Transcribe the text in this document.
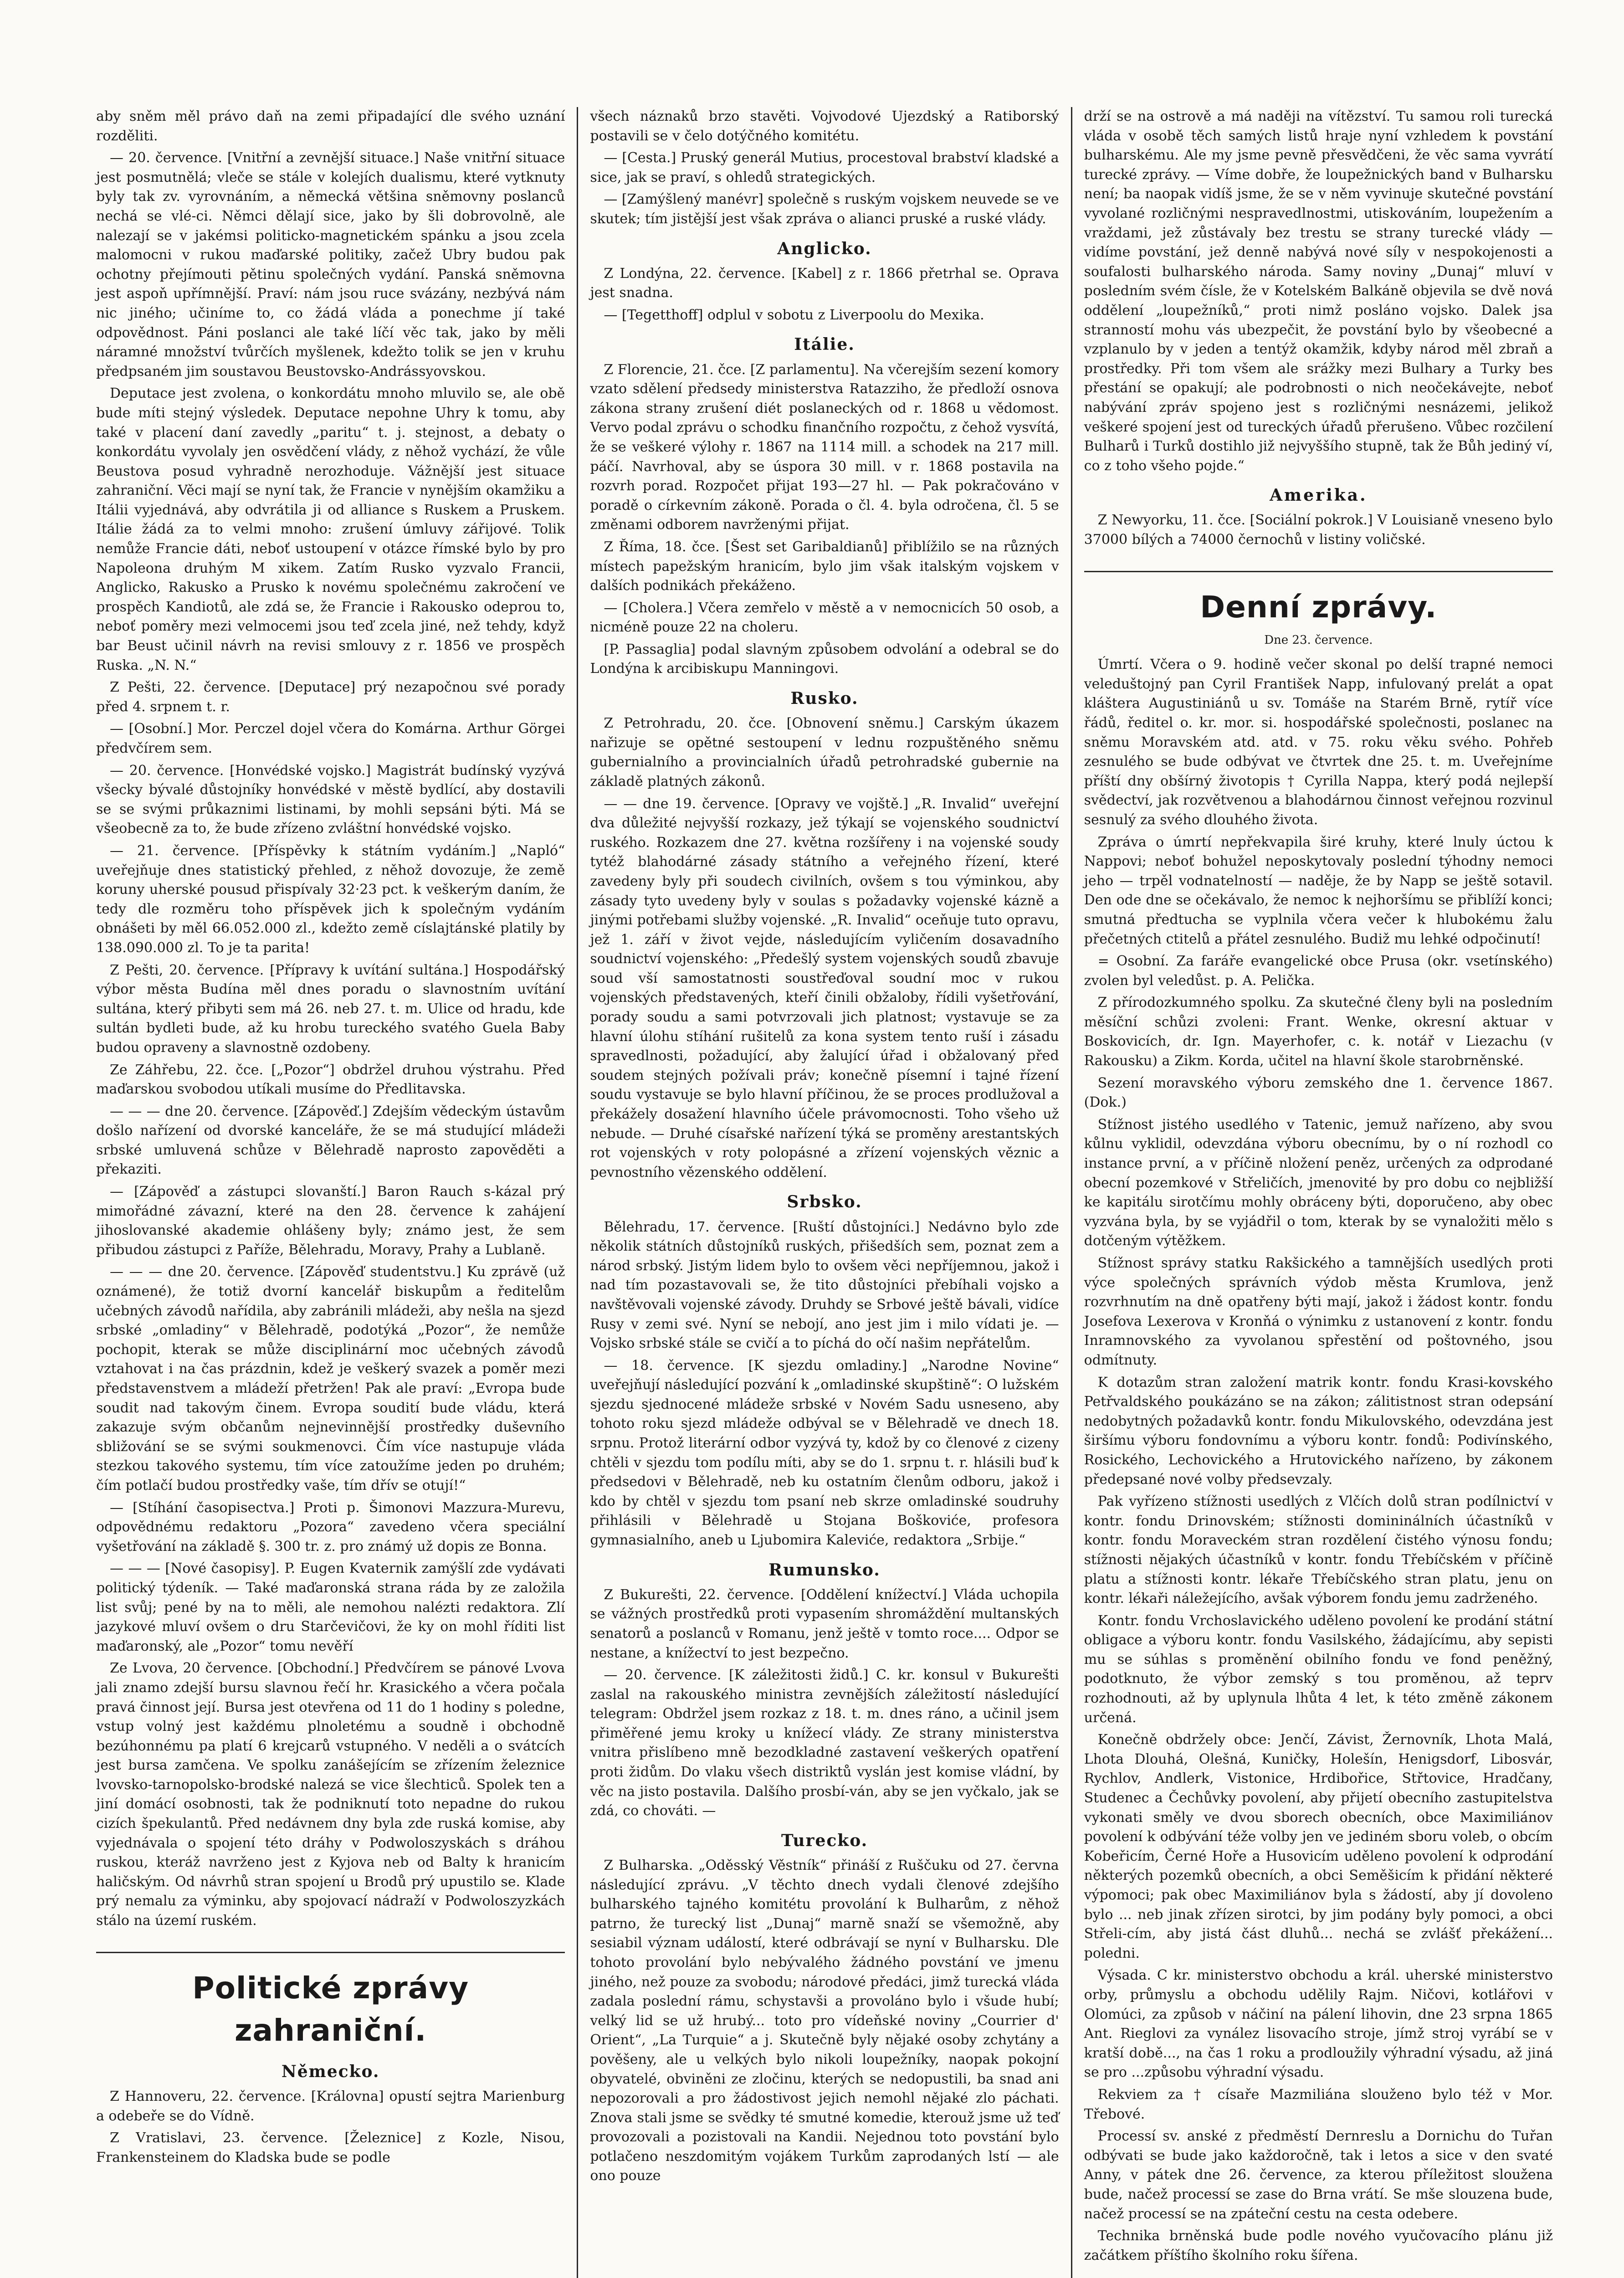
aby sněm měl právo daň na zemi připadající dle svého uznání rozděliti.

— 20. července. [Vnitřní a zevnější situace.] Naše vnitřní situace jest posmutnělá; vleče se stále v kolejích dualismu, které vytknuty byly tak zv. vyrovnáním, a německá většina sněmovny poslanců nechá se vlé‑ci. Němci dělají sice, jako by šli dobrovolně, ale nalezají se v jakémsi politicko-magnetickém spánku a jsou zcela malomocni v rukou maďarské politiky, začež Ubry budou pak ochotny přejímouti pětinu společných vydání. Panská sněmovna jest aspoň upřímnější. Praví: nám jsou ruce svázány, nezbývá nám nic jiného; učiníme to, co žádá vláda a ponechme jí také odpovědnost. Páni poslanci ale také líčí věc tak, jako by měli náramné množství tvůrčích myšlenek, kdežto tolik se jen v kruhu předpsaném jim soustavou Beustovsko-Andrássyovskou.

Deputace jest zvolena, o konkordátu mnoho mluvilo se, ale obě bude míti stejný výsledek. Deputace nepohne Uhry k tomu, aby také v placení daní zavedly „paritu“ t. j. stejnost, a debaty o konkordátu vyvolaly jen osvědčení vlády, z něhož vychází, že vůle Beustova posud vyhradně nerozhoduje. Vážnější jest situace zahraniční. Věci mají se nyní tak, že Francie v nynějším okamžiku a Itálii vyjednává, aby odvrátila ji od alliance s Ruskem a Pruskem. Itálie žádá za to velmi mnoho: zrušení úmluvy zářijové. Tolik nemůže Francie dáti, neboť ustoupení v otázce římské bylo by pro Napoleona druhým M xikem. Zatím Rusko vyzvalo Francii, Anglicko, Rakusko a Prusko k novému společnému zakročení ve prospěch Kandiotů, ale zdá se, že Francie i Rakousko odeprou to, neboť poměry mezi velmocemi jsou teď zcela jiné, než tehdy, když bar Beust učinil návrh na revisi smlouvy z r. 1856 ve prospěch Ruska. „N. N.“

Z Pešti, 22. července. [Deputace] prý nezapočnou své porady před 4. srpnem t. r.

— [Osobní.] Mor. Perczel dojel včera do Komárna. Arthur Görgei předvčírem sem.

— 20. července. [Honvédské vojsko.] Magistrát budínský vyzývá všecky bývalé důstojníky honvédské v městě bydlící, aby dostavili se se svými průkaznimi listinami, by mohli sepsáni býti. Má se všeobecně za to, že bude zřízeno zvláštní honvédské vojsko.

— 21. července. [Příspěvky k státním vydáním.] „Napló“ uveřejňuje dnes statistický přehled, z něhož dovozuje, že země koruny uherské pousud přispívaly 32·23 pct. k veškerým daním, že tedy dle rozměru toho příspěvek jich k společným vydáním obnášeti by měl 66.052.000 zl., kdežto země císlajtánské platily by 138.090.000 zl. To je ta parita!

Z Pešti, 20. července. [Přípravy k uvítání sultána.] Hospodářský výbor města Budína měl dnes poradu o slavnostním uvítání sultána, který přibyti sem má 26. neb 27. t. m. Ulice od hradu, kde sultán bydleti bude, až ku hrobu tureckého svatého Guela Baby budou opraveny a slavnostně ozdobeny.

Ze Záhřebu, 22. čce. [„Pozor“] obdržel druhou výstrahu. Před maďarskou svobodou utíkali musíme do Předlitavska.

— — — dne 20. července. [Zápověď.] Zdejším vědeckým ústavům došlo nařízení od dvorské kanceláře, že se má studující mládeži srbské umluvená schůze v Bělehradě naprosto zapověděti a překaziti.

— [Zápověď a zástupci slovanští.] Baron Rauch s‑kázal prý mimořádné závazní, které na den 28. července k zahájení jihoslovanské akademie ohlášeny byly; známo jest, že sem přibudou zástupci z Paříže, Bělehradu, Moravy, Prahy a Lublaně.

— — — dne 20. července. [Zápověď studentstvu.] Ku zprávě (už oznámené), že totiž dvorní kancelář biskupům a ředitelům učebných závodů nařídila, aby zabránili mládeži, aby nešla na sjezd srbské „omladiny“ v Bělehradě, podotýká „Pozor“, že nemůže pochopit, kterak se může disciplinární moc učebných závodů vztahovat i na čas prázdnin, kdež je veškerý svazek a poměr mezi představenstvem a mládeží přetržen! Pak ale praví: „Evropa bude soudit nad takovým činem. Evropa soudití bude vládu, která zakazuje svým občanům nejnevinnější prostředky duševního sbližování se se svými soukmenovci. Čím více nastupuje vláda stezkou takového systemu, tím více zatoužíme jeden po druhém; čím potlačí budou prostředky vaše, tím dřív se otují!“

— [Stíhání časopisectva.] Proti p. Šimonovi Mazzura-Murevu, odpovědnému redaktoru „Pozora“ zavedeno včera speciální vyšetřování na základě §. 300 tr. z. pro známý už dopis ze Bonna.

— — — [Nové časopisy]. P. Eugen Kvaternik zamýšlí zde vydávati politický týdeník. — Také maďaronská strana ráda by ze založila list svůj; pené by na to měli, ale nemohou nalézti redaktora. Zlí jazykové mluví ovšem o dru Starčevičovi, že ky on mohl říditi list maďaronský, ale „Pozor“ tomu nevěří

Ze Lvova, 20 července. [Obchodní.] Předvčírem se pánové Lvova jali znamo zdejší bursu slavnou řečí hr. Krasického a včera počala pravá činnost její. Bursa jest otevřena od 11 do 1 hodiny s poledne, vstup volný jest každému plnoletému a soudně i obchodně bezúhonnému pa platí 6 krejcarů vstupného. V neděli a o svátcích jest bursa zamčena. Ve spolku zanášejícím se zřízením železnice lvovsko-tarnopolsko-brodské nalezá se vice šlechticů. Spolek ten a jiní domácí osobnosti, tak že podniknutí toto nepadne do rukou cizích špekulantů. Před nedávnem dny byla zde ruská komise, aby vyjednávala o spojení této dráhy v Podwoloszyskách s dráhou ruskou, kteráž navrženo jest z Kyjova neb od Balty k hranicím haličským. Od návrhů stran spojení u Brodů prý upustilo se. Klade prý nemalu za výminku, aby spojovací nádraží v Podwoloszyzkách stálo na území ruském.

Politické zprávy zahraniční.
Německo.

Z Hannoveru, 22. července. [Královna] opustí sejtra Marienburg a odebeře se do Vídně.

Z Vratislavi, 23. července. [Železnice] z Kozle, Nisou, Frankensteinem do Kladska bude se podle

všech náznaků brzo stavěti. Vojvodové Ujezdský a Ratiborský postavili se v čelo dotýčného komitétu.

— [Cesta.] Pruský generál Mutius, procestoval brabství kladské a sice, jak se praví, s ohledů strategických.

— [Zamýšlený manévr] společně s ruským vojskem neuvede se ve skutek; tím jistější jest však zpráva o alianci pruské a ruské vlády.

Anglicko.

Z Londýna, 22. července. [Kabel] z r. 1866 přetrhal se. Oprava jest snadna.

— [Tegetthoff] odplul v sobotu z Liverpoolu do Mexika.

Itálie.

Z Florencie, 21. čce. [Z parlamentu]. Na včerejším sezení komory vzato sdělení předsedy ministerstva Ratazziho, že předloží osnova zákona strany zrušení diét poslaneckých od r. 1868 u vědomost. Vervo podal zprávu o schodku finančního rozpočtu, z čehož vysvítá, že se veškeré výlohy r. 1867 na 1114 mill. a schodek na 217 mill. páčí. Navrhoval, aby se úspora 30 mill. v r. 1868 postavila na rozvrh porad. Rozpočet přijat 193—27 hl. — Pak pokračováno v poradě o církevním zákoně. Porada o čl. 4. byla odročena, čl. 5 se změnami odborem navrženými přijat.

Z Říma, 18. čce. [Šest set Garibaldianů] přiblížilo se na různých místech papežským hranicím, bylo jim však italským vojskem v dalších podnikách překáženo.

— [Cholera.] Včera zemřelo v městě a v nemocnicích 50 osob, a nicméně pouze 22 na choleru.

[P. Passaglia] podal slavným způsobem odvolání a odebral se do Londýna k arcibiskupu Manningovi.

Rusko.

Z Petrohradu, 20. čce. [Obnovení sněmu.] Carským úkazem nařizuje se opětné sestoupení v lednu rozpuštěného sněmu gubernialního a provincialních úřadů petrohradské gubernie na základě platných zákonů.

— — dne 19. července. [Opravy ve vojště.] „R. Invalid“ uveřejní dva důležité nejvyšší rozkazy, jež týkají se vojenského soudnictví ruského. Rozkazem dne 27. května rozšířeny i na vojenské soudy tytéž blahodárné zásady státního a veřejného řízení, které zavedeny byly při soudech civilních, ovšem s tou výminkou, aby zásady tyto uvedeny byly v soulas s požadavky vojenské kázně a jinými potřebami služby vojenské. „R. Invalid“ oceňuje tuto opravu, jež 1. září v život vejde, následujícím vyličením dosavadního soudnictví vojenského: „Předešlý system vojenských soudů zbavuje soud vší samostatnosti soustřeďoval soudní moc v rukou vojenských představených, kteří činili obžaloby, řídili vyšetřování, porady soudu a sami potvrzovali jich platnost; vystavuje se za hlavní úlohu stíhání rušitelů za kona system tento ruší i zásadu spravedlnosti, požadující, aby žalující úřad i obžalovaný před soudem stejných požívali práv; konečně písemní i tajné řízení soudu vystavuje se bylo hlavní příčinou, že se proces prodlužoval a překážely dosažení hlavního účele právomocnosti. Toho všeho už nebude. — Druhé císařské nařízení týká se proměny arestantských rot vojenských v roty polopásné a zřízení vojenských věznic a pevnostního vězenského oddělení.

Srbsko.

Bělehradu, 17. července. [Ruští důstojníci.] Nedávno bylo zde několik státních důstojníků ruských, přišedších sem, poznat zem a národ srbský. Jistým lidem bylo to ovšem věci nepříjemnou, jakož i nad tím pozastavovali se, že tito důstojníci přebíhali vojsko a navštěvovali vojenské závody. Druhdy se Srbové ještě bávali, vidíce Rusy v zemi své. Nyní se nebojí, ano jest jim i milo vídati je. — Vojsko srbské stále se cvičí a to píchá do očí našim nepřátelům.

— 18. července. [K sjezdu omladiny.] „Narodne Novine“ uveřejňují následující pozvání k „omladinské skupštině“: O lužském sjezdu sjednocené mládeže srbské v Novém Sadu usneseno, aby tohoto roku sjezd mládeže odbýval se v Bělehradě ve dnech 18. srpnu. Protož literární odbor vyzývá ty, kdož by co členové z cizeny chtěli v sjezdu tom podílu míti, aby se do 1. srpnu t. r. hlásili buď k předsedovi v Bělehradě, neb ku ostatním členům odboru, jakož i kdo by chtěl v sjezdu tom psaní neb skrze omladinské soudruhy přihlásili v Bělehradě u Stojana Boškoviće, profesora gymnasialního, aneb u Ljubomira Kaleviće, redaktora „Srbije.“

Rumunsko.

Z Bukurešti, 22. července. [Oddělení knížectví.] Vláda uchopila se vážných prostředků proti vypasením shromáždění multanských senatorů a poslanců v Romanu, jenž ještě v tomto roce.... Odpor se nestane, a knížectví to jest bezpečno.

— 20. července. [K záležitosti židů.] C. kr. konsul v Bukurešti zaslal na rakouského ministra zevnějších záležitostí následující telegram: Obdržel jsem rozkaz z 18. t. m. dnes ráno, a učinil jsem přiměřené jemu kroky u knížecí vlády. Ze strany ministerstva vnitra přislíbeno mně bezodkladné zastavení veškerých opatření proti židům. Do vlaku všech distriktů vyslán jest komise vládní, by věc na jisto postavila. Dalšího prosbí-ván, aby se jen vyčkalo, jak se zdá, co chováti. —

Turecko.

Z Bulharska. „Oděsský Věstník“ přináší z Ruščuku od 27. června následující zprávu. „V těchto dnech vydali členové zdejšího bulharského tajného komitétu provolání k Bulharům, z něhož patrno, že turecký list „Dunaj“ marně snaží se všemožně, aby sesiabil význam událostí, které odbrávají se nyní v Bulharsku. Dle tohoto provolání bylo nebývalého žádného povstání ve jmenu jiného, než pouze za svobodu; národové předáci, jimž turecká vláda zadala poslední rámu, schystavši a provoláno bylo i všude hubí; velký lid se už hrubý... toto pro vídeňské noviny „Courrier d' Orient“, „La Turquie“ a j. Skutečně byly nějaké osoby zchytány a pověšeny, ale u velkých bylo nikoli loupežníky, naopak pokojní obyvatelé, obviněni ze zločinu, kterých se nedopustili, ba snad ani nepozorovali a pro žádostivost jejich nemohl nějaké zlo páchati. Znova stali jsme se svědky té smutné komedie, kterouž jsme už teď provozovali a pozistovali na Kandii. Nejednou toto povstání bylo potlačeno neszdomitým vojákem Turkům zaprodaných lstí — ale ono pouze

drží se na ostrově a má naději na vítězství. Tu samou roli turecká vláda v osobě těch samých listů hraje nyní vzhledem k povstání bulharskému. Ale my jsme pevně přesvědčeni, že věc sama vyvrátí turecké zprávy. — Víme dobře, že loupežnických band v Bulharsku není; ba naopak vidíš jsme, že se v něm vyvinuje skutečné povstání vyvolané rozličnými nespravedlnostmi, utiskováním, loupežením a vraždami, jež zůstávaly bez trestu se strany turecké vlády — vidíme povstání, jež denně nabývá nové síly v nespokojenosti a soufalosti bulharského národa. Samy noviny „Dunaj“ mluví v posledním svém čísle, že v Kotelském Balkáně objevila se dvě nová oddělení „loupežníků,“ proti nimž posláno vojsko. Dalek jsa stranností mohu vás ubezpečit, že povstání bylo by všeobecné a vzplanulo by v jeden a tentýž okamžik, kdyby národ měl zbraň a prostředky. Při tom všem ale srážky mezi Bulhary a Turky bes přestání se opakují; ale podrobnosti o nich neočekávejte, neboť nabývání zpráv spojeno jest s rozličnými nesnázemi, jelikož veškeré spojení jest od tureckých úřadů přerušeno. Vůbec rozčilení Bulharů i Turků dostihlo již nejvyššího stupně, tak že Bůh jediný ví, co z toho všeho pojde.“

Amerika.

Z Newyorku, 11. čce. [Sociální pokrok.] V Louisianě vneseno bylo 37000 bílých a 74000 černochů v listiny voličské.

Denní zprávy.
Dne 23. července.

Úmrtí. Včera o 9. hodině večer skonal po delší trapné nemoci veleduštojný pan Cyril František Napp, infulovaný prelát a opat kláštera Augustiniánů u sv. Tomáše na Starém Brně, rytíř více řádů, ředitel o. kr. mor. si. hospodářské společnosti, poslanec na sněmu Moravském atd. atd. v 75. roku věku svého. Pohřeb zesnulého se bude odbývat ve čtvrtek dne 25. t. m. Uveřejníme příští dny obšírný životopis † Cyrilla Nappa, který podá nejlepší svědectví, jak rozvětvenou a blahodárnou činnost veřejnou rozvinul sesnulý za svého dlouhého života.

Zpráva o úmrtí nepřekvapila širé kruhy, které lnuly úctou k Nappovi; neboť bohužel neposkytovaly poslední týhodny nemoci jeho — trpěl vodnatelností — naděje, že by Napp se ještě sotavil. Den ode dne se očekávalo, že nemoc k nejhoršímu se přiblíží konci; smutná předtucha se vyplnila včera večer k hlubokému žalu přečetných ctitelů a přátel zesnulého. Budiž mu lehké odpočinutí!

= Osobní. Za faráře evangelické obce Prusa (okr. vsetínského) zvolen byl veledůst. p. A. Pelička.

Z přírodozkumného spolku. Za skutečné členy byli na posledním měsíční schůzi zvoleni: Frant. Wenke, okresní aktuar v Boskovicích, dr. Ign. Mayerhofer, c. k. notář v Liezachu (v Rakousku) a Zikm. Korda, učitel na hlavní škole starobrněnské.

Sezení moravského výboru zemského dne 1. července 1867. (Dok.)

Stížnost jistého usedlého v Tatenic, jemuž nařízeno, aby svou kůlnu vyklidil, odevzdána výboru obecnímu, by o ní rozhodl co instance první, a v příčině nložení peněz, určených za odprodané obecní pozemkové v Střeličích, jmenovité by pro dobu co nejbližší ke kapitálu sirotčímu mohly obráceny býti, doporučeno, aby obec vyzvána byla, by se vyjádřil o tom, kterak by se vynaložiti mělo s dotčeným výtěžkem.

Stížnost správy statku Rakšického a tamnějších usedlých proti výce společných správních výdob města Krumlova, jenž rozvrhnutím na dně opatřeny býti mají, jakož i žádost kontr. fondu Josefova Lexerova v Kronňá o výnimku z ustanovení z kontr. fondu Inramnovského za vyvolanou spřestění od poštovného, jsou odmítnuty.

K dotazům stran založení matrik kontr. fondu Krasi-kovského Petřvaldského poukázáno se na zákon; zálitistnost stran odepsání nedobytných požadavků kontr. fondu Mikulovského, odevzdána jest širšímu výboru fondovnímu a výboru kontr. fondů: Podivínského, Rosického, Lechovického a Hrutovického nařízeno, by zákonem předepsané nové volby předsevzaly.

Pak vyřízeno stížnosti usedlých z Vlčích dolů stran podílnictví v kontr. fondu Drinovském; stížnosti domininálních účastníků v kontr. fondu Moraveckém stran rozdělení čistého výnosu fondu; stížnosti nějakých účastníků v kontr. fondu Třebíčském v příčině platu a stížnosti kontr. lékaře Třebíčského stran platu, jenu on kontr. lékaři náležejícího, avšak výborem fondu jemu zadrženého.

Kontr. fondu Vrchoslavického uděleno povolení ke prodání státní obligace a výboru kontr. fondu Vasilského, žádajícímu, aby sepisti mu se súhlas s proměnění obilního fondu ve fond peněžný, podotknuto, že výbor zemský s tou proměnou, až teprv rozhodnouti, až by uplynula lhůta 4 let, k této změně zákonem určená.

Konečně obdržely obce: Jenčí, Závist, Žernovník, Lhota Malá, Lhota Dlouhá, Olešná, Kuničky, Holešín, Henigsdorf, Libosvár, Rychlov, Andlerk, Vistonice, Hrdibořice, Střtovice, Hradčany, Studenec a Čechůvky povolení, aby přijetí obecního zastupitelstva vykonati směly ve dvou sborech obecních, obce Maximiliánov povolení k odbývání téže volby jen ve jediném sboru voleb, o obcím Kobeřicím, Černé Hoře a Husovicím uděleno povolení k odprodání některých pozemků obecních, a obci Seměšicím k přidání některé výpomoci; pak obec Maximiliánov byla s žádostí, aby jí dovoleno bylo ... neb jinak zřízen sirotci, by jim podány byly pomoci, a obci Střeli-cím, aby jistá část dluhů... nechá se zvlášť překážení... poledni.

Výsada. C kr. ministerstvo obchodu a král. uherské ministerstvo orby, průmyslu a obchodu udělily Rajm. Ničovi, kotlářovi v Olomúci, za způsob v náčiní na pálení lihovin, dne 23 srpna 1865 Ant. Rieglovi za vynález lisovacího stroje, jímž stroj vyrábí se v kratší době..., na čas 1 roku a prodloužily výhradní výsadu, až jiná se pro ...způsobu výhradní výsadu.

Rekviem za † císaře Mazmiliána slouženo bylo též v Mor. Třebové.

Processí sv. anské z předměstí Dernreslu a Dornichu do Tuřan odbývati se bude jako každoročně, tak i letos a sice v den svaté Anny, v pátek dne 26. července, za kterou příležitost sloužena bude, načež processí se zase do Brna vrátí. Se mše slouzena bude, načež processí se na zpáteční cestu na cesta odebere.

Technika brněnská bude podle nového vyučovacího plánu již začátkem příštího školního roku šířena.
